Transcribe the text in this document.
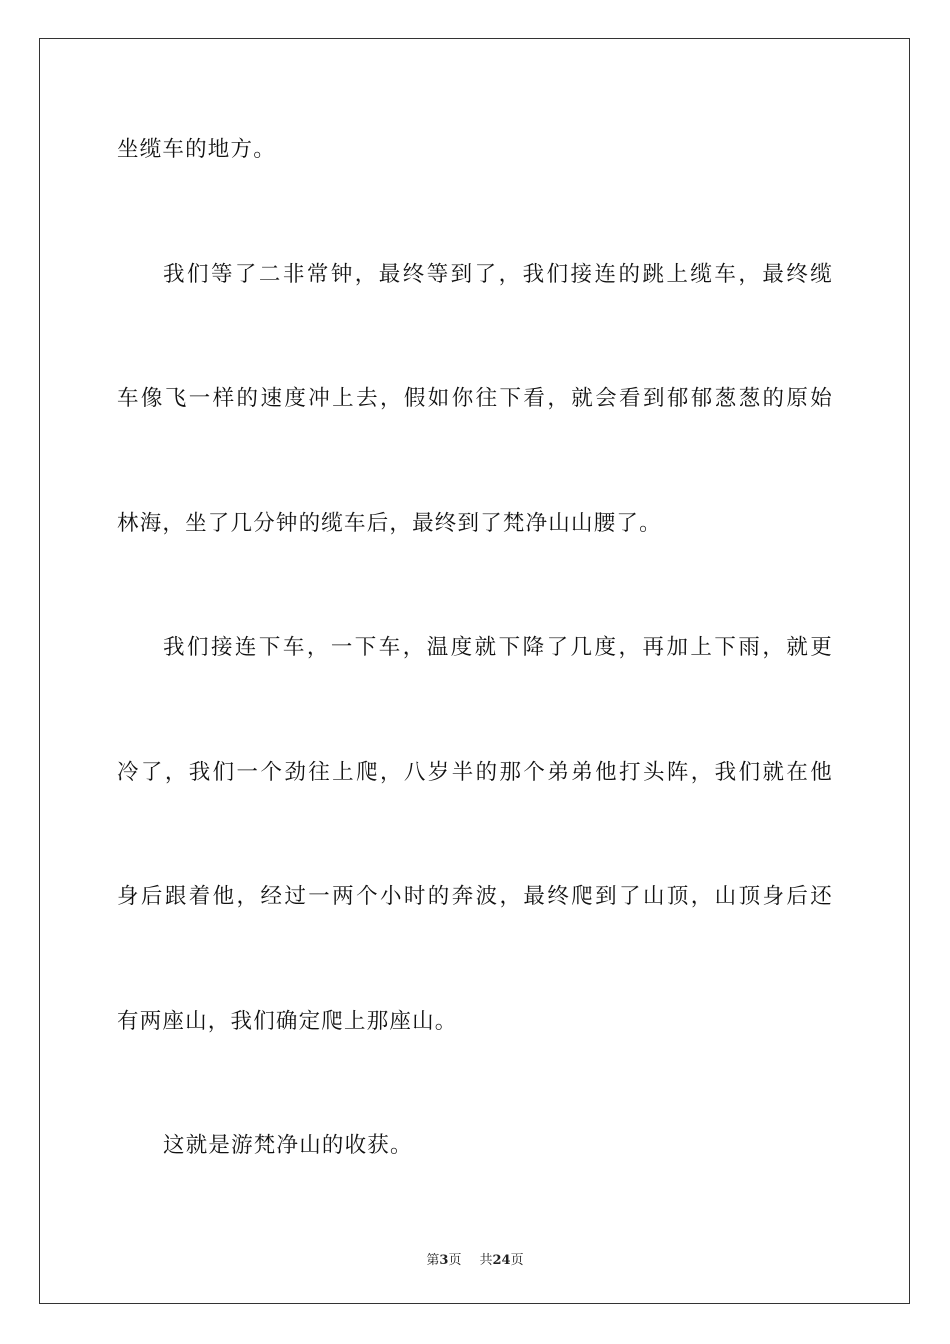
坐缆车的地方。
我们等了二非常钟，最终等到了，我们接连的跳上缆车，最终缆
车像飞一样的速度冲上去，假如你往下看，就会看到郁郁葱葱的原始
林海，坐了几分钟的缆车后，最终到了梵净山山腰了。
我们接连下车，一下车，温度就下降了几度，再加上下雨，就更
冷了，我们一个劲往上爬，八岁半的那个弟弟他打头阵，我们就在他
身后跟着他，经过一两个小时的奔波，最终爬到了山顶，山顶身后还
有两座山，我们确定爬上那座山。
这就是游梵净山的收获。
第3页 共24页
